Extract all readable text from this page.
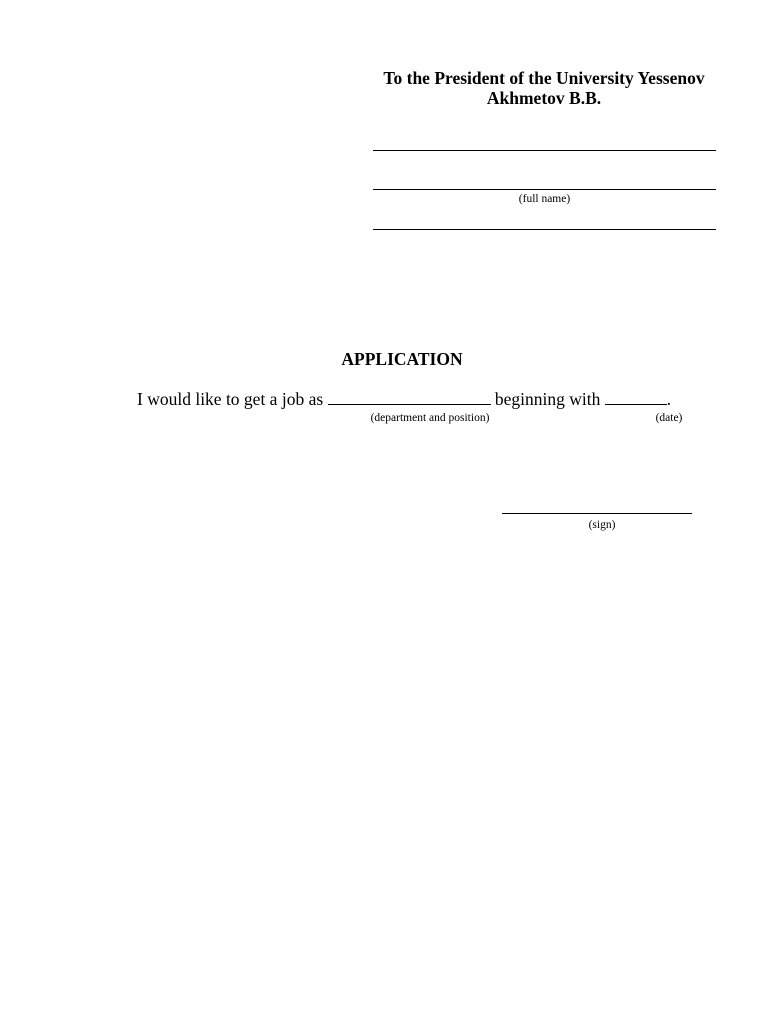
To the President of the University Yessenov
Akhmetov B.B.
(full name)
APPLICATION
I would like to get a job as	beginning with	.
(department and position)	(date)
(sign)
